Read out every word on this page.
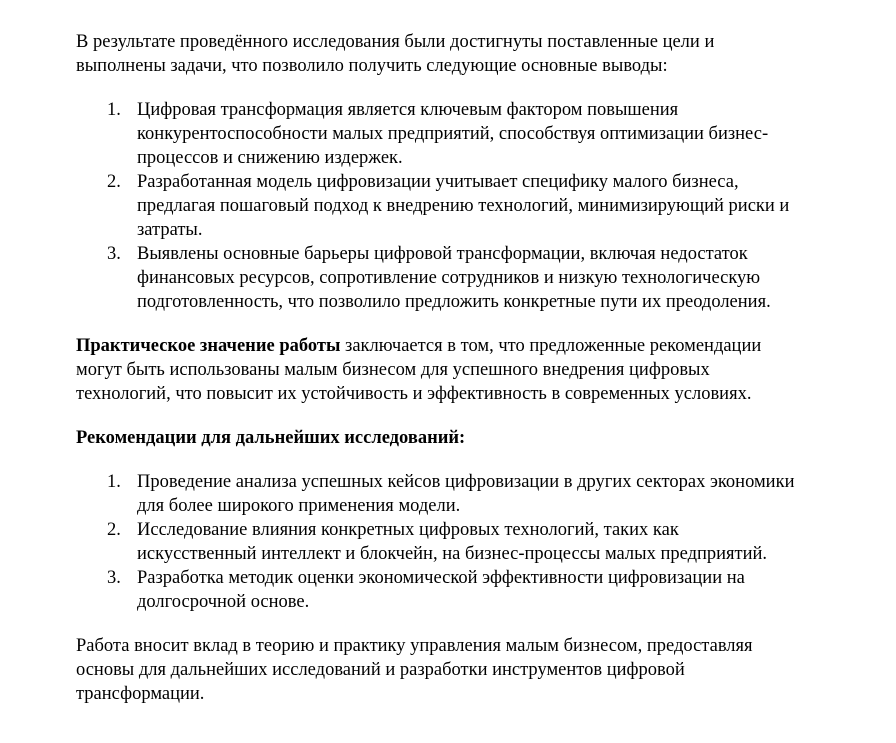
В результате проведённого исследования были достигнуты поставленные цели и
выполнены задачи, что позволило получить следующие основные выводы:

1. Цифровая трансформация является ключевым фактором повышения
конкурентоспособности малых предприятий, способствуя оптимизации бизнес-
процессов и снижению издержек.
2. Разработанная модель цифровизации учитывает специфику малого бизнеса,
предлагая пошаговый подход к внедрению технологий, минимизирующий риски и
затраты.
3. Выявлены основные барьеры цифровой трансформации, включая недостаток
финансовых ресурсов, сопротивление сотрудников и низкую технологическую
подготовленность, что позволило предложить конкретные пути их преодоления.

Практическое значение работы заключается в том, что предложенные рекомендации
могут быть использованы малым бизнесом для успешного внедрения цифровых
технологий, что повысит их устойчивость и эффективность в современных условиях.

Рекомендации для дальнейших исследований:

1. Проведение анализа успешных кейсов цифровизации в других секторах экономики
для более широкого применения модели.
2. Исследование влияния конкретных цифровых технологий, таких как
искусственный интеллект и блокчейн, на бизнес-процессы малых предприятий.
3. Разработка методик оценки экономической эффективности цифровизации на
долгосрочной основе.

Работа вносит вклад в теорию и практику управления малым бизнесом, предоставляя
основы для дальнейших исследований и разработки инструментов цифровой
трансформации.
